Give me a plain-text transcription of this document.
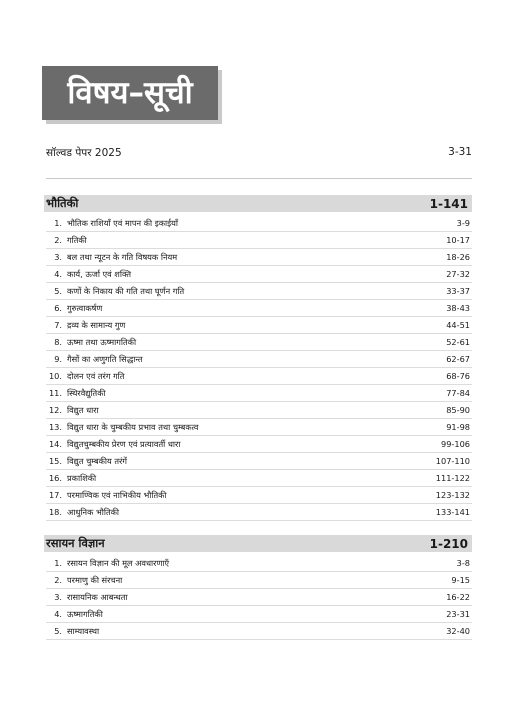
विषय–सूची
सॉल्वड पेपर 2025	3-31
भौतिकी	1-141
1. भौतिक राशियाँ एवं मापन की इकाईयाँ	3-9
2. गतिकी	10-17
3. बल तथा न्यूटन के गति विषयक नियम	18-26
4. कार्य, ऊर्जा एवं शक्ति	27-32
5. कणों के निकाय की गति तथा घूर्णन गति	33-37
6. गुरुत्वाकर्षण	38-43
7. द्रव्य के सामान्य गुण	44-51
8. ऊष्मा तथा ऊष्मागतिकी	52-61
9. गैसों का अणुगति सिद्धान्त	62-67
10. दोलन एवं तरंग गति	68-76
11. स्थिरवैद्युतिकी	77-84
12. विद्युत धारा	85-90
13. विद्युत धारा के चुम्बकीय प्रभाव तथा चुम्बकत्व	91-98
14. विद्युतचुम्बकीय प्रेरण एवं प्रत्यावर्ती धारा	99-106
15. विद्युत चुम्बकीय तरंगें	107-110
16. प्रकाशिकी	111-122
17. परमाण्विक एवं नाभिकीय भौतिकी	123-132
18. आधुनिक भौतिकी	133-141
रसायन विज्ञान	1-210
1. रसायन विज्ञान की मूल अवधारणाएँ	3-8
2. परमाणु की संरचना	9-15
3. रासायनिक आबन्धता	16-22
4. ऊष्मागतिकी	23-31
5. साम्यावस्था	32-40
